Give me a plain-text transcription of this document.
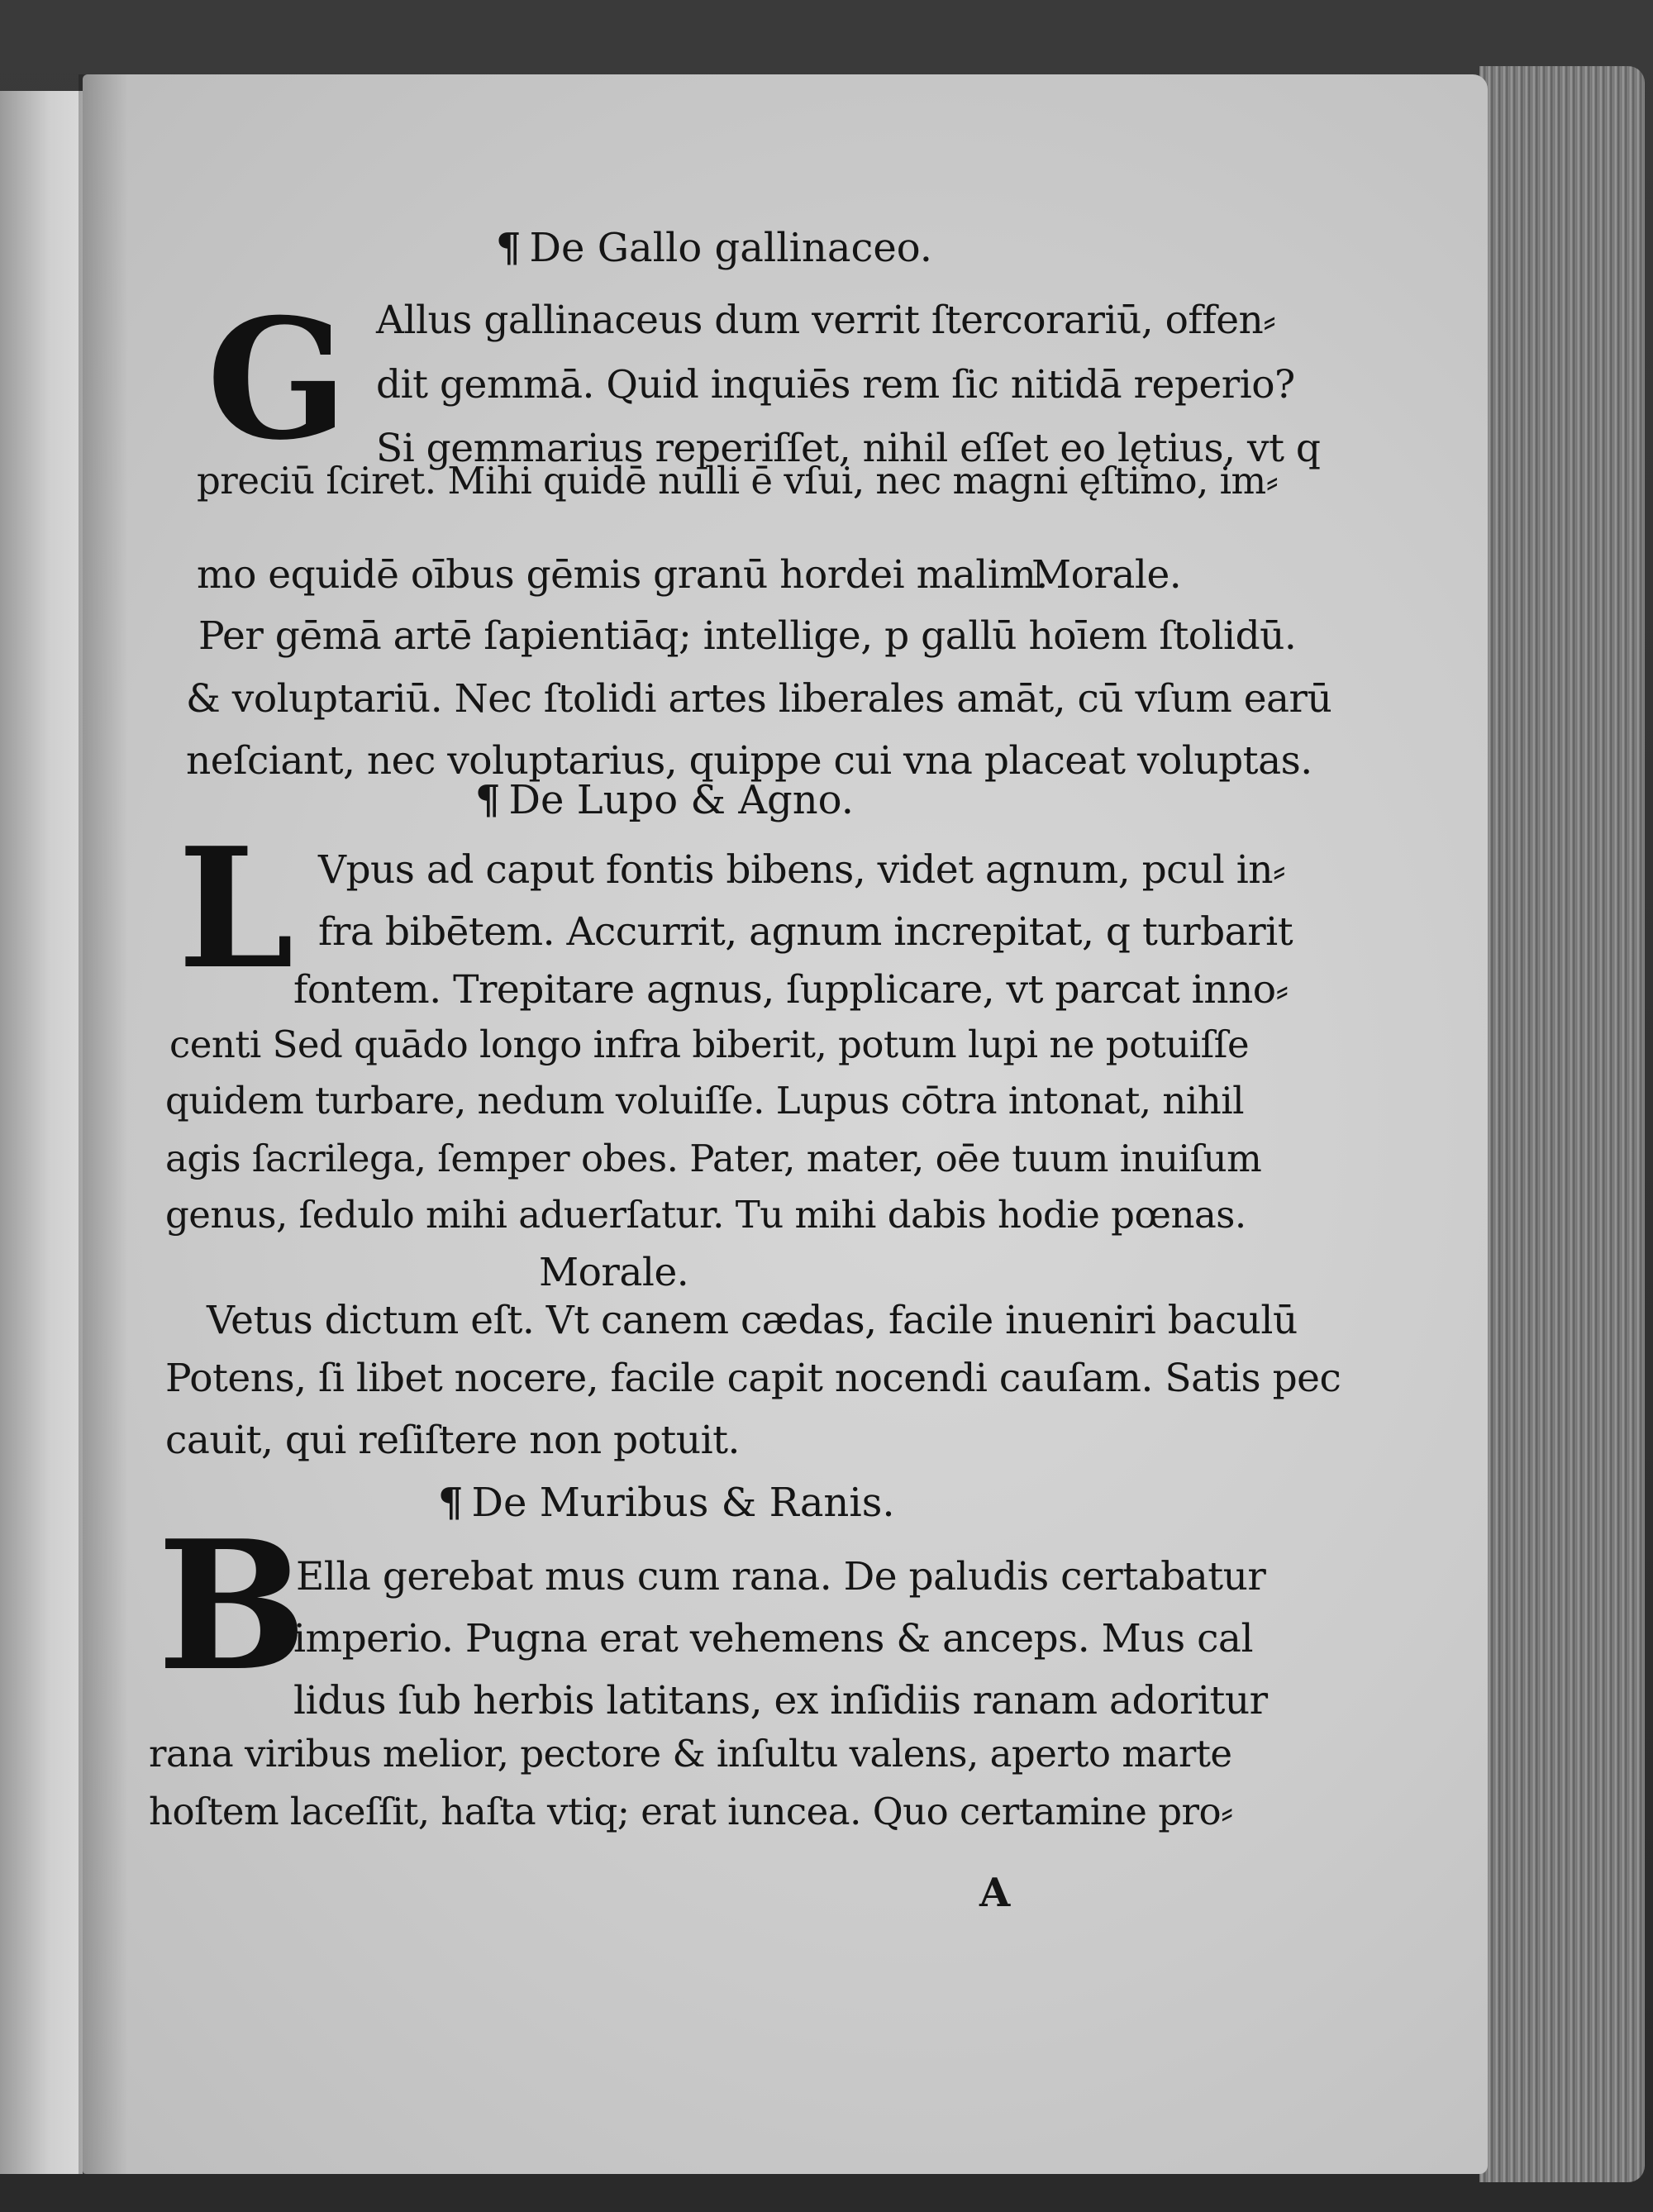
¶ De Gallo gallinaceo.
G Allus gallinaceus dum verrit ſtercorariū, offen⸗
dit gemmā. Quid inquiēs rem ſic nitidā reperio?
Si gemmarius reperiſſet, nihil eſſet eo lętius, vt q
preciū ſciret. Mihi quidē nulli ē vſui, nec magni ęſtimo, im⸗
mo equidē oībus gēmis granū hordei malim.
Morale.
Per gēmā artē ſapientiāq; intellige, p gallū hoīem ſtolidū.
& voluptariū. Nec ſtolidi artes liberales amāt, cū vſum earū
neſciant, nec voluptarius, quippe cui vna placeat voluptas.
¶ De Lupo & Agno.
L Vpus ad caput fontis bibens, videt agnum, pcul in⸗
fra bibētem. Accurrit, agnum increpitat, q turbarit
fontem. Trepitare agnus, ſupplicare, vt parcat inno⸗
centi Sed quādo longo infra biberit, potum lupi ne potuiſſe
quidem turbare, nedum voluiſſe. Lupus cōtra intonat, nihil
agis ſacrilega, ſemper obes. Pater, mater, oēe tuum inuiſum
genus, ſedulo mihi aduerſatur. Tu mihi dabis hodie pœnas.
Morale.
Vetus dictum eſt. Vt canem cædas, facile inueniri baculū
Potens, ſi libet nocere, facile capit nocendi cauſam. Satis pec
cauit, qui reſiſtere non potuit.
¶ De Muribus & Ranis.
B
Ella gerebat mus cum rana. De paludis certabatur
imperio. Pugna erat vehemens & anceps. Mus cal
lidus ſub herbis latitans, ex inſidiis ranam adoritur
rana viribus melior, pectore & inſultu valens, aperto marte
hoſtem laceſſit, haſta vtiq; erat iuncea. Quo certamine pro⸗
A
